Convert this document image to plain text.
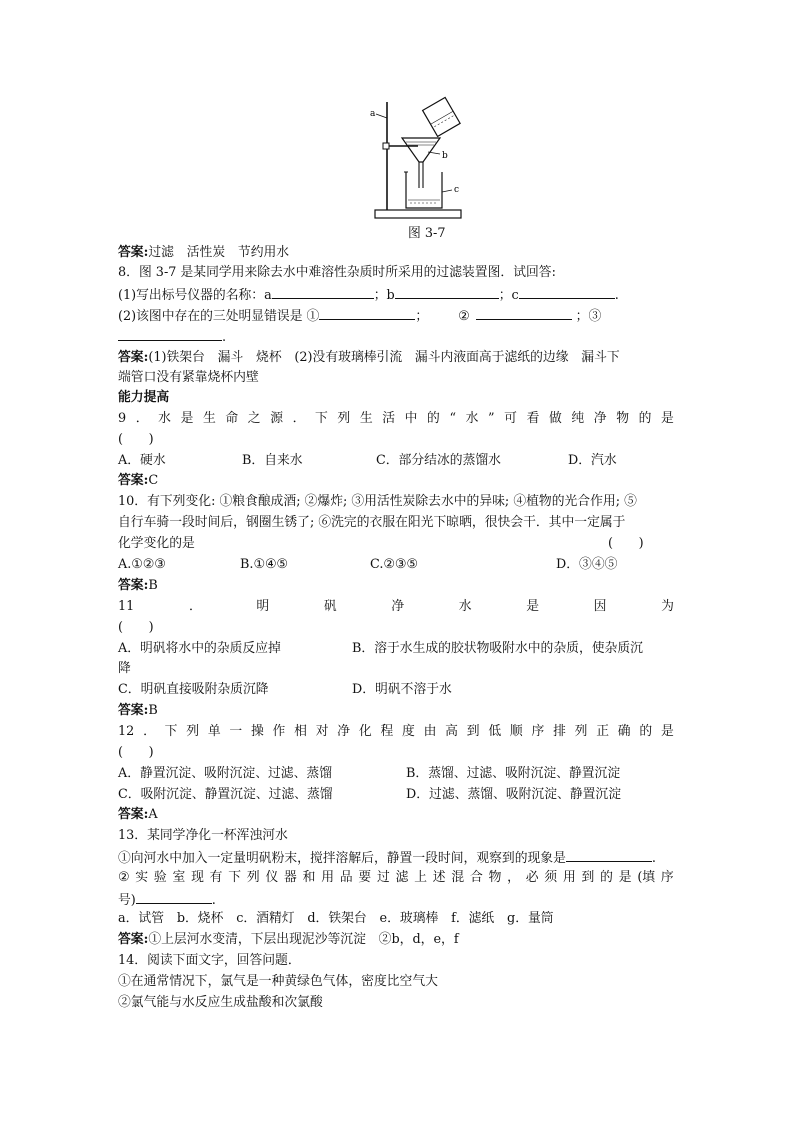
a
b
c
图 3-7
答案:过滤　活性炭　节约用水
8．图 3-7 是某同学用来除去水中难溶性杂质时所采用的过滤装置图．试回答:
(1)写出标号仪器的名称：a	；b	；c	.
(2)该图中存在的三处明显错误是 ①	； ②	；③
.
答案:(1)铁架台　漏斗　烧杯　(2)没有玻璃棒引流　漏斗内液面高于滤纸的边缘　漏斗下
端管口没有紧靠烧杯内壁
能力提高
9 ． 水 是 生 命 之 源 ． 下 列 生 活 中 的 “ 水 ” 可 看 做 纯 净 物 的 是
(　　)
A．硬水	B．自来水	C．部分结冰的蒸馏水	D．汽水
答案:C
10．有下列变化: ①粮食酿成酒; ②爆炸; ③用活性炭除去水中的异味; ④植物的光合作用; ⑤
自行车骑一段时间后，钢圈生锈了; ⑥洗完的衣服在阳光下晾晒，很快会干．其中一定属于
化学变化的是	(　　)
A.①②③	B.①④⑤	C.②③⑤	D．③④⑤
答案:B
11	．	明	矾	净	水	是	因	为
(　　)
A．明矾将水中的杂质反应掉	B．溶于水生成的胶状物吸附水中的杂质，使杂质沉
降
C．明矾直接吸附杂质沉降	D．明矾不溶于水
答案:B
12 ． 下 列 单 一 操 作 相 对 净 化 程 度 由 高 到 低 顺 序 排 列 正 确 的 是
(　　)
A．静置沉淀、吸附沉淀、过滤、蒸馏	B．蒸馏、过滤、吸附沉淀、静置沉淀
C．吸附沉淀、静置沉淀、过滤、蒸馏	D．过滤、蒸馏、吸附沉淀、静置沉淀
答案:A
13．某同学净化一杯浑浊河水
①向河水中加入一定量明矾粉末，搅拌溶解后，静置一段时间，观察到的现象是	.
② 实 验 室 现 有 下 列 仪 器 和 用 品 要 过 滤 上 述 混 合 物 ， 必 须 用 到 的 是 (填 序
号)	.
a．试管　b．烧杯　c．酒精灯　d．铁架台　e．玻璃棒　f．滤纸　g．量筒
答案:①上层河水变清，下层出现泥沙等沉淀　②b，d，e，f
14．阅读下面文字，回答问题．
①在通常情况下，氯气是一种黄绿色气体，密度比空气大
②氯气能与水反应生成盐酸和次氯酸
